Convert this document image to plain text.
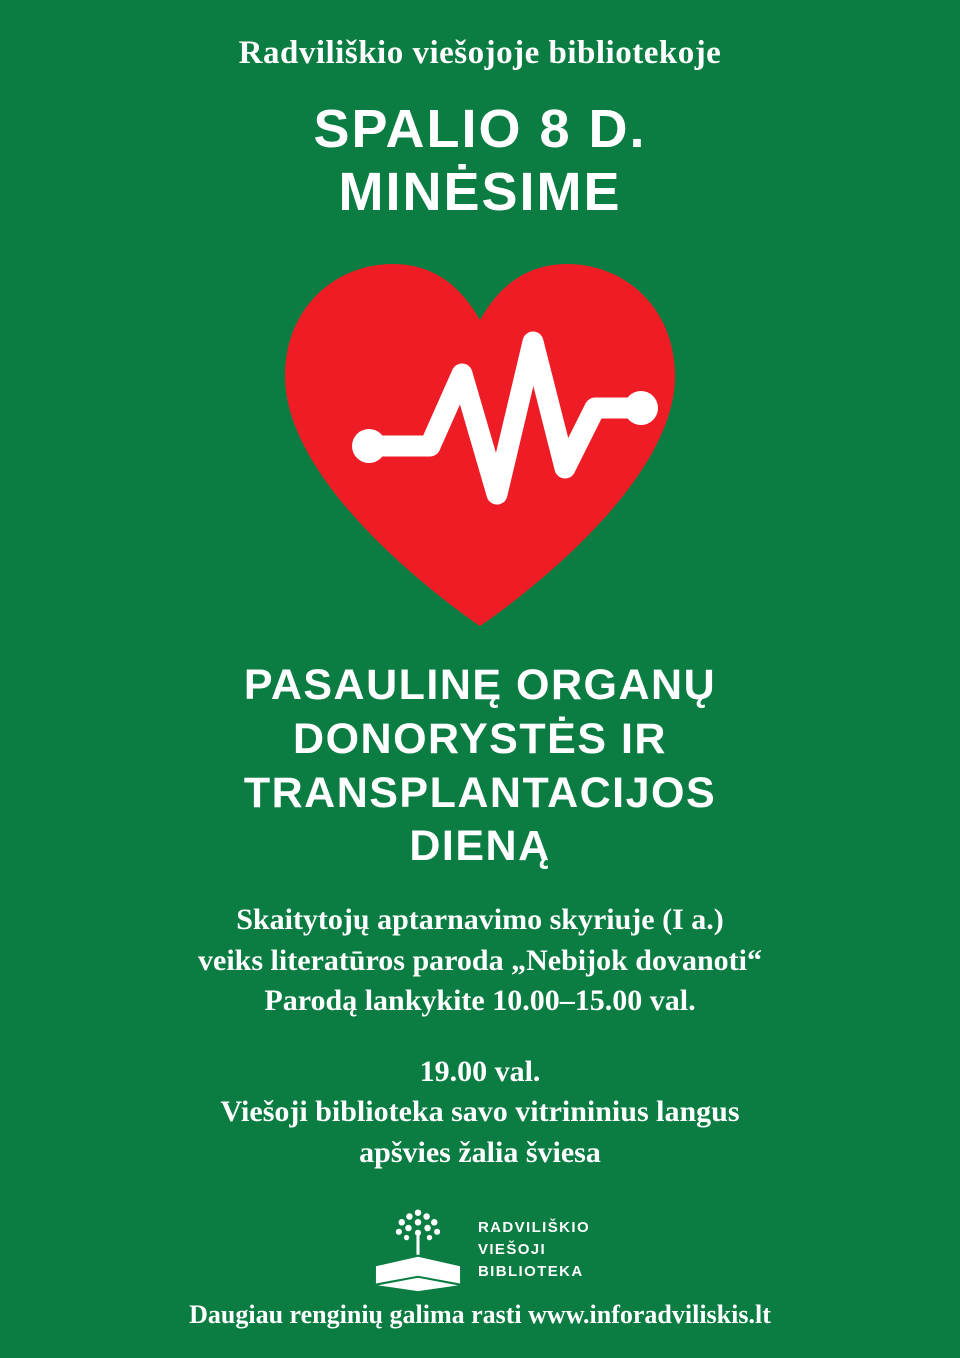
Radviliškio viešojoje bibliotekoje
SPALIO 8 D.
MINĖSIME
PASAULINĘ ORGANŲ
DONORYSTĖS IR
TRANSPLANTACIJOS
DIENĄ
Skaitytojų aptarnavimo skyriuje (I a.)
veiks literatūros paroda „Nebijok dovanoti“
Parodą lankykite 10.00–15.00 val.
19.00 val.
Viešoji biblioteka savo vitrininius langus
apšvies žalia šviesa
RADVILIŠKIO
VIEŠOJI
BIBLIOTEKA
Daugiau renginių galima rasti www.inforadviliskis.lt
